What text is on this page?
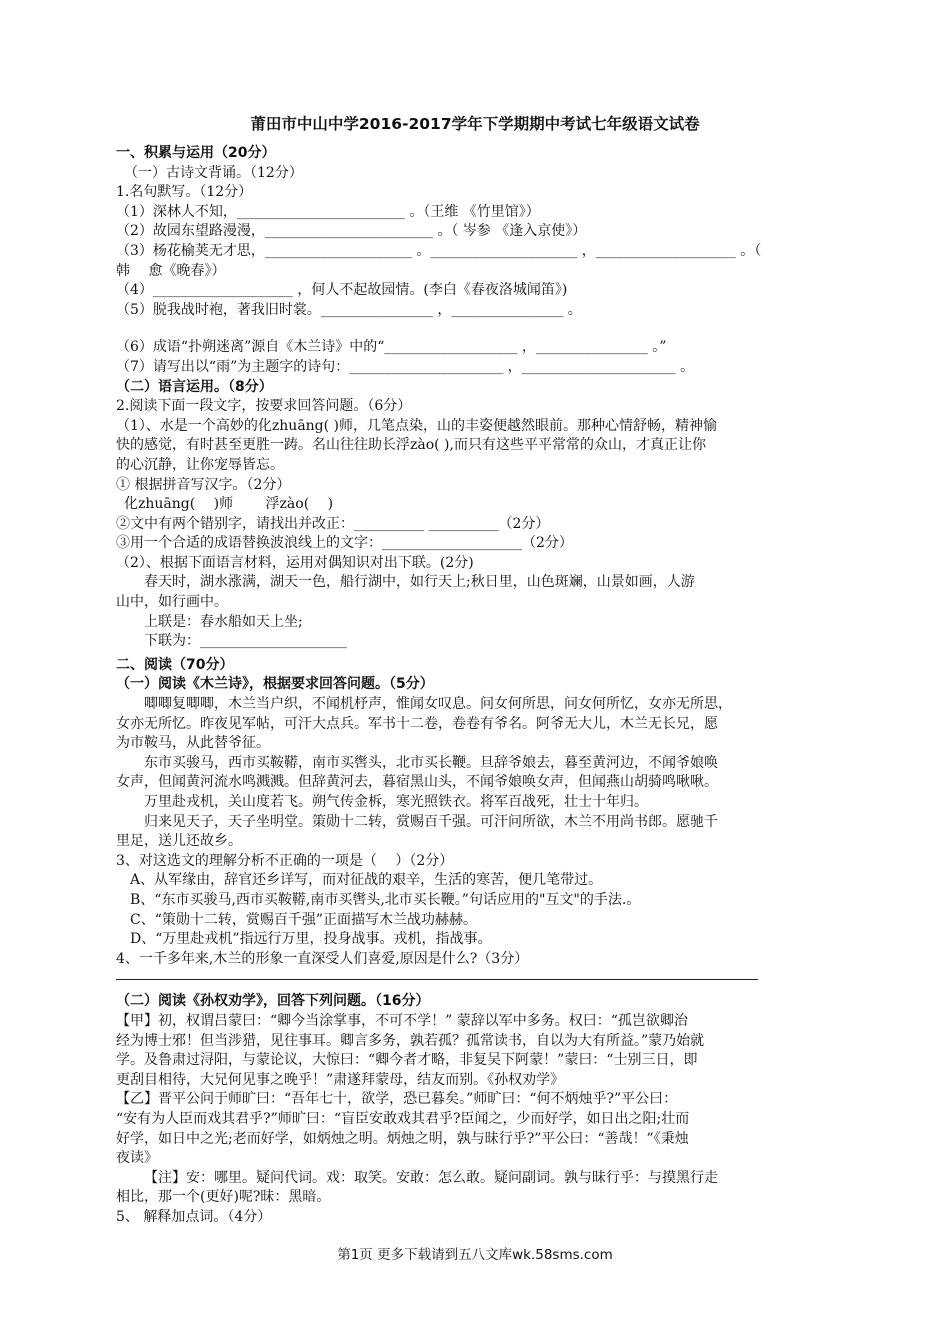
莆田市中山中学2016-2017学年下学期期中考试七年级语文试卷

一、积累与运用（20分）

（一）古诗文背诵。（12分）

1.名句默写。（12分）

（1）深林人不知，________________________ 。（王维 《竹里馆》）

（2）故园东望路漫漫，________________________ 。（ 岑参 《逢入京使》）

（3）杨花榆荚无才思，_____________________ 。_____________________ ，____________________ 。（

韩　 愈《晚春》）

（4）____________________ ，何人不起故园情。(李白《春夜洛城闻笛》)

（5）脱我战时袍，著我旧时裳。________________ ，________________ 。

（6）成语“扑朔迷离”源自《木兰诗》中的“___________________ ，________________ 。”

（7）请写出以“雨”为主题字的诗句：______________________ ，______________________ 。

（二）语言运用。（8分）

2.阅读下面一段文字，按要求回答问题。（6分）

（1）、水是一个高妙的化zhuāng( )师，几笔点染，山的丰姿便越然眼前。那种心情舒畅，精神愉

快的感觉，有时甚至更胜一踌。名山往往助长浮zào( ),而只有这些平平常常的众山，才真正让你

的心沉静，让你宠辱皆忘。

① 根据拼音写汉字。（2分）

化zhuāng(　 )师　　 浮zào(　 )

②文中有两个错别字，请找出并改正：__________ __________（2分）

③用一个合适的成语替换波浪线上的文字：____________________（2分）

（2）、根据下面语言材料，运用对偶知识对出下联。(2分)

春天时，湖水涨满，湖天一色，船行湖中，如行天上;秋日里，山色斑斓，山景如画，人游

山中，如行画中。

上联是：春水船如天上坐;

下联为：_____________________

二、阅读（70分）

（一）阅读《木兰诗》，根据要求回答问题。（5分）

唧唧复唧唧，木兰当户织，不闻机杼声，惟闻女叹息。问女何所思，问女何所忆，女亦无所思，

女亦无所忆。昨夜见军帖，可汗大点兵。军书十二卷，卷卷有爷名。阿爷无大儿，木兰无长兄，愿

为市鞍马，从此替爷征。

东市买骏马，西市买鞍鞯，南市买辔头，北市买长鞭。旦辞爷娘去，暮至黄河边，不闻爷娘唤

女声，但闻黄河流水鸣溅溅。但辞黄河去，暮宿黑山头，不闻爷娘唤女声，但闻燕山胡骑鸣啾啾。

万里赴戎机，关山度若飞。朔气传金柝，寒光照铁衣。将军百战死，壮士十年归。

归来见天子，天子坐明堂。策勋十二转，赏赐百千强。可汗问所欲，木兰不用尚书郎。愿驰千

里足，送儿还故乡。

3、对这选文的理解分析不正确的一项是（　 ）（2分）

A、从军缘由，辞官还乡详写，而对征战的艰辛，生活的寒苦，便几笔带过。

B、“东市买骏马,西市买鞍鞯,南市买辔头,北市买长鞭。”句话应用的"互文"的手法.。

C、“策勋十二转，赏赐百千强”正面描写木兰战功赫赫。

D、“万里赴戎机”指远行万里，投身战事。戎机，指战事。

4、一千多年来,木兰的形象一直深受人们喜爱,原因是什么?（3分）

（二）阅读《孙权劝学》，回答下列问题。（16分）

【甲】初，权谓吕蒙曰：“卿今当涂掌事，不可不学！” 蒙辞以军中多务。权曰：“孤岂欲卿治

经为博士邪！但当涉猎，见往事耳。卿言多务，孰若孤？孤常读书，自以为大有所益。”蒙乃始就

学。及鲁肃过浔阳，与蒙论议，大惊曰：“卿今者才略，非复吴下阿蒙！”蒙曰：“士别三日，即

更刮目相待，大兄何见事之晚乎！”肃遂拜蒙母，结友而别。《孙权劝学》

【乙】晋平公问于师旷曰：“吾年七十，欲学，恐已暮矣。”师旷曰：“何不炳烛乎?”平公曰：

“安有为人臣而戏其君乎?”师旷曰：“盲臣安敢戏其君乎?臣闻之，少而好学，如日出之阳;壮而

好学，如日中之光;老而好学，如炳烛之明。炳烛之明，孰与昧行乎?”平公曰：“善哉！”《秉烛

夜读》

【注】安：哪里。疑问代词。戏：取笑。安敢：怎么敢。疑问副词。孰与昧行乎：与摸黑行走

相比，那一个(更好)呢?昧：黑暗。

5、 解释加点词。（4分）

第1页 更多下载请到五八文库wk.58sms.com
